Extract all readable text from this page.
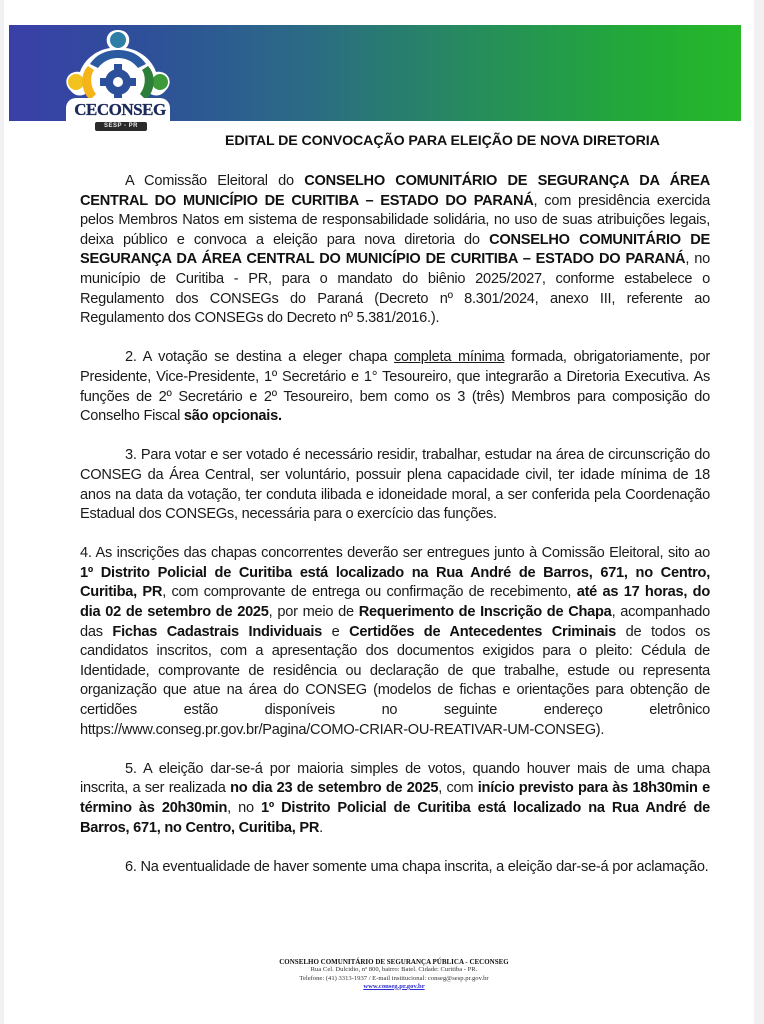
CECONSEG
SESP - PR
EDITAL DE CONVOCAÇÃO PARA ELEIÇÃO DE NOVA DIRETORIA

A Comissão Eleitoral do CONSELHO COMUNITÁRIO DE SEGURANÇA DA ÁREA CENTRAL DO MUNICÍPIO DE CURITIBA – ESTADO DO PARANÁ, com presidência exercida pelos Membros Natos em sistema de responsabilidade solidária, no uso de suas atribuições legais, deixa público e convoca a eleição para nova diretoria do CONSELHO COMUNITÁRIO DE SEGURANÇA DA ÁREA CENTRAL DO MUNICÍPIO DE CURITIBA – ESTADO DO PARANÁ, no município de Curitiba - PR, para o mandato do biênio 2025/2027, conforme estabelece o Regulamento dos CONSEGs do Paraná (Decreto nº 8.301/2024, anexo III, referente ao Regulamento dos CONSEGs do Decreto nº 5.381/2016.).

2. A votação se destina a eleger chapa completa mínima formada, obrigatoriamente, por Presidente, Vice-Presidente, 1º Secretário e 1° Tesoureiro, que integrarão a Diretoria Executiva. As funções de 2º Secretário e 2º Tesoureiro, bem como os 3 (três) Membros para composição do Conselho Fiscal são opcionais.

3. Para votar e ser votado é necessário residir, trabalhar, estudar na área de circunscrição do CONSEG da Área Central, ser voluntário, possuir plena capacidade civil, ter idade mínima de 18 anos na data da votação, ter conduta ilibada e idoneidade moral, a ser conferida pela Coordenação Estadual dos CONSEGs, necessária para o exercício das funções.

4. As inscrições das chapas concorrentes deverão ser entregues junto à Comissão Eleitoral, sito ao 1º Distrito Policial de Curitiba está localizado na Rua André de Barros, 671, no Centro, Curitiba, PR, com comprovante de entrega ou confirmação de recebimento, até as 17 horas, do dia 02 de setembro de 2025, por meio de Requerimento de Inscrição de Chapa, acompanhado das Fichas Cadastrais Individuais e Certidões de Antecedentes Criminais de todos os candidatos inscritos, com a apresentação dos documentos exigidos para o pleito: Cédula de Identidade, comprovante de residência ou declaração de que trabalhe, estude ou representa organização que atue na área do CONSEG (modelos de fichas e orientações para obtenção de certidões estão disponíveis no seguinte endereço eletrônico https://www.conseg.pr.gov.br/Pagina/COMO-CRIAR-OU-REATIVAR-UM-CONSEG).

5. A eleição dar-se-á por maioria simples de votos, quando houver mais de uma chapa inscrita, a ser realizada no dia 23 de setembro de 2025, com início previsto para às 18h30min e término às 20h30min, no 1º Distrito Policial de Curitiba está localizado na Rua André de Barros, 671, no Centro, Curitiba, PR.

6. Na eventualidade de haver somente uma chapa inscrita, a eleição dar-se-á por aclamação.

CONSELHO COMUNITÁRIO DE SEGURANÇA PÚBLICA - CECONSEG
Rua Cel. Dulcidio, nº 800, bairro: Batel. Cidade: Curitiba - PR.
Telefone: (41) 3313-1937 / E-mail institucional: conseg@sesp.pr.gov.br
www.conseg.pr.gov.br
